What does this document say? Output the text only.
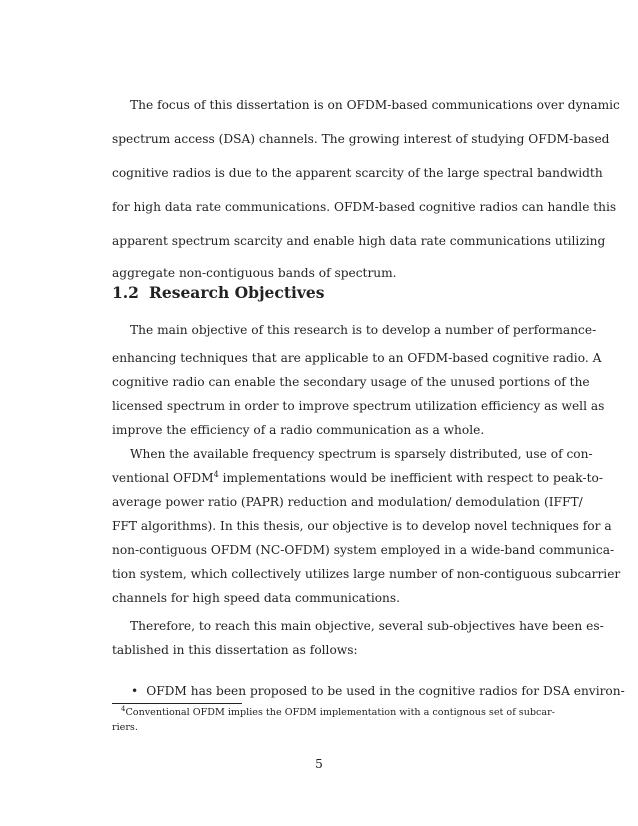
The focus of this dissertation is on OFDM-based communications over dynamic
spectrum access (DSA) channels. The growing interest of studying OFDM-based
cognitive radios is due to the apparent scarcity of the large spectral bandwidth
for high data rate communications. OFDM-based cognitive radios can handle this
apparent spectrum scarcity and enable high data rate communications utilizing
aggregate non-contiguous bands of spectrum.
1.2 Research Objectives
The main objective of this research is to develop a number of performance-
enhancing techniques that are applicable to an OFDM-based cognitive radio. A
cognitive radio can enable the secondary usage of the unused portions of the
licensed spectrum in order to improve spectrum utilization efficiency as well as
improve the efficiency of a radio communication as a whole.
When the available frequency spectrum is sparsely distributed, use of con-
ventional OFDM$^4$ implementations would be inefficient with respect to peak-to-
average power ratio (PAPR) reduction and modulation/ demodulation (IFFT/
FFT algorithms). In this thesis, our objective is to develop novel techniques for a
non-contiguous OFDM (NC-OFDM) system employed in a wide-band communica-
tion system, which collectively utilizes large number of non-contiguous subcarrier
channels for high speed data communications.
Therefore, to reach this main objective, several sub-objectives have been es-
tablished in this dissertation as follows:
• OFDM has been proposed to be used in the cognitive radios for DSA environ-
$^4$Conventional OFDM implies the OFDM implementation with a contignous set of subcar-
riers.
5
